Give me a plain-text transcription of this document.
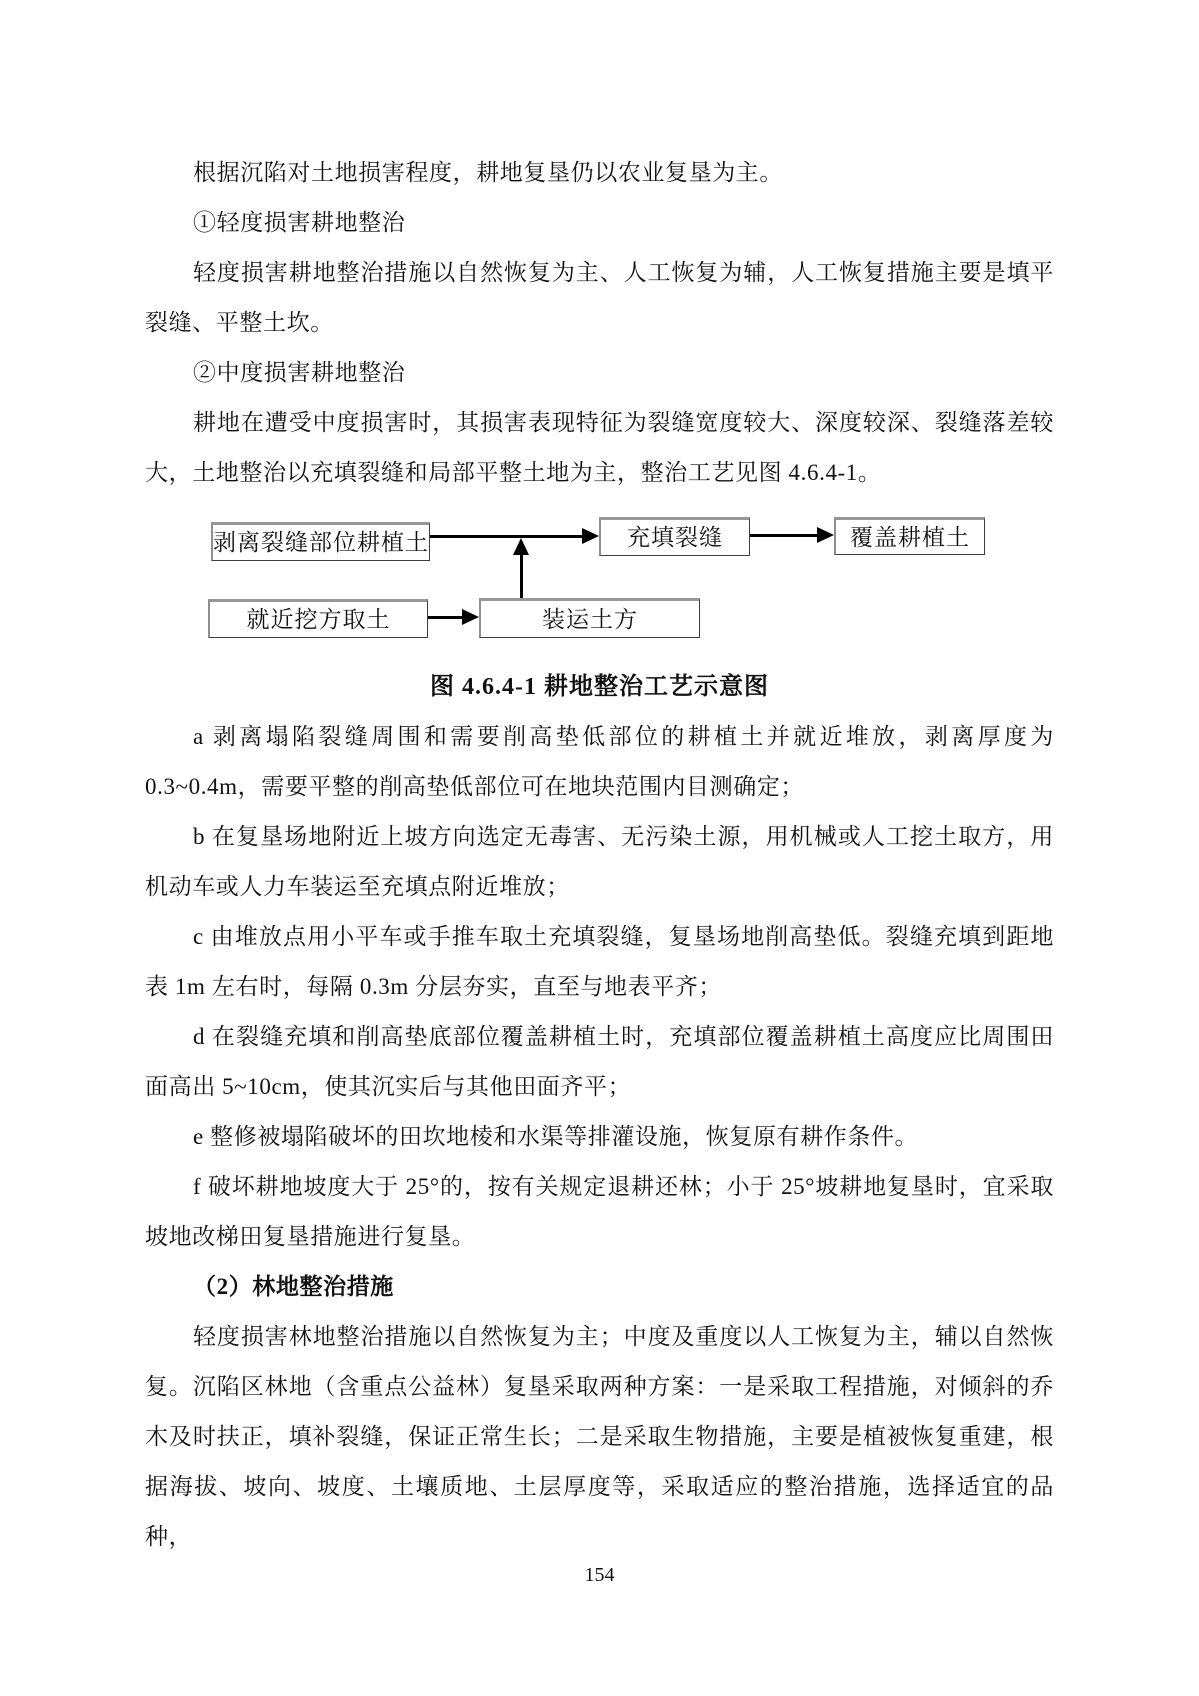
根据沉陷对土地损害程度，耕地复垦仍以农业复垦为主。

①轻度损害耕地整治

轻度损害耕地整治措施以自然恢复为主、人工恢复为辅，人工恢复措施主要是填平裂缝、平整土坎。

②中度损害耕地整治

耕地在遭受中度损害时，其损害表现特征为裂缝宽度较大、深度较深、裂缝落差较大，土地整治以充填裂缝和局部平整土地为主，整治工艺见图 4.6.4-1。

剥离裂缝部位耕植土	充填裂缝	覆盖耕植土
就近挖方取土	装运土方
图 4.6.4-1 耕地整治工艺示意图

a 剥离塌陷裂缝周围和需要削高垫低部位的耕植土并就近堆放，剥离厚度为 0.3~0.4m，需要平整的削高垫低部位可在地块范围内目测确定；

b 在复垦场地附近上坡方向选定无毒害、无污染土源，用机械或人工挖土取方，用机动车或人力车装运至充填点附近堆放；

c 由堆放点用小平车或手推车取土充填裂缝，复垦场地削高垫低。裂缝充填到距地表 1m 左右时，每隔 0.3m 分层夯实，直至与地表平齐；

d 在裂缝充填和削高垫底部位覆盖耕植土时，充填部位覆盖耕植土高度应比周围田面高出 5~10cm，使其沉实后与其他田面齐平；

e 整修被塌陷破坏的田坎地棱和水渠等排灌设施，恢复原有耕作条件。

f 破坏耕地坡度大于 25°的，按有关规定退耕还林；小于 25°坡耕地复垦时，宜采取坡地改梯田复垦措施进行复垦。

（2）林地整治措施

轻度损害林地整治措施以自然恢复为主；中度及重度以人工恢复为主，辅以自然恢复。沉陷区林地（含重点公益林）复垦采取两种方案：一是采取工程措施，对倾斜的乔木及时扶正，填补裂缝，保证正常生长；二是采取生物措施，主要是植被恢复重建，根据海拔、坡向、坡度、土壤质地、土层厚度等，采取适应的整治措施，选择适宜的品种，

154
